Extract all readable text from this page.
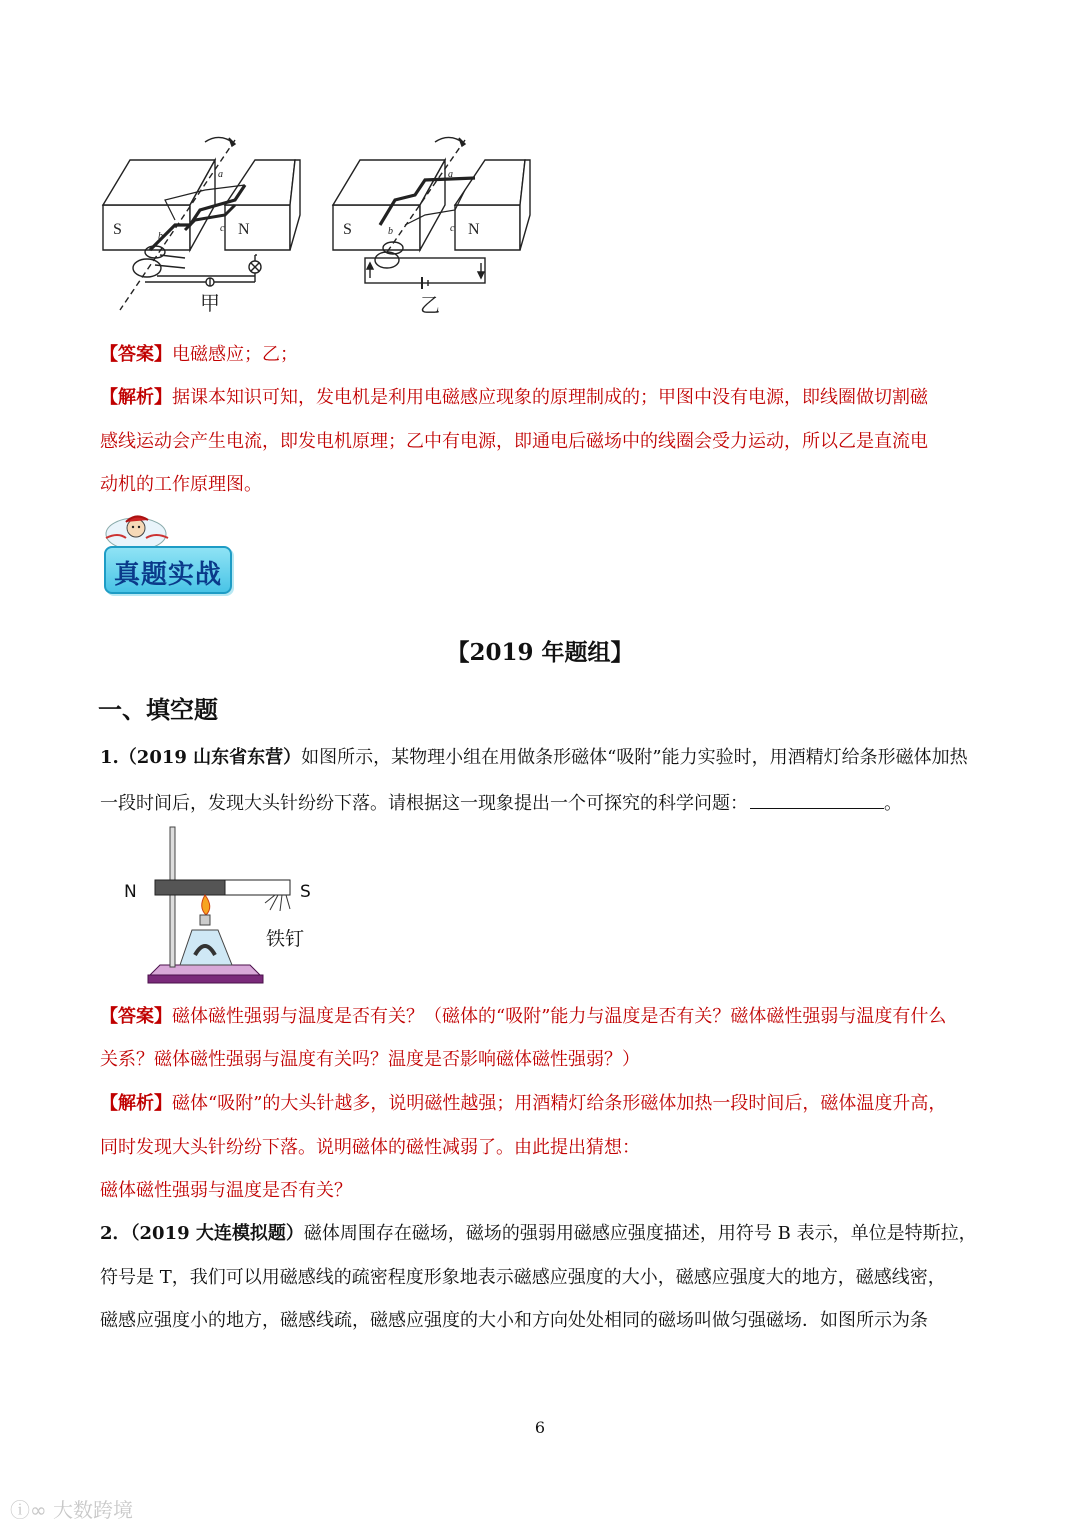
S	N
a
b
c
甲
S	N
a
b	c
乙
【答案】电磁感应；乙；
【解析】据课本知识可知，发电机是利用电磁感应现象的原理制成的；甲图中没有电源，即线圈做切割磁
感线运动会产生电流，即发电机原理；乙中有电源，即通电后磁场中的线圈会受力运动，所以乙是直流电
动机的工作原理图。
真题实战
【2019 年题组】
一、填空题
1.（2019 山东省东营）如图所示，某物理小组在用做条形磁体“吸附”能力实验时，用酒精灯给条形磁体加热
一段时间后，发现大头针纷纷下落。请根据这一现象提出一个可探究的科学问题：	。
N	S
铁钉
【答案】磁体磁性强弱与温度是否有关？（磁体的“吸附”能力与温度是否有关？磁体磁性强弱与温度有什么
关系？磁体磁性强弱与温度有关吗？温度是否影响磁体磁性强弱？）
【解析】磁体“吸附”的大头针越多，说明磁性越强；用酒精灯给条形磁体加热一段时间后，磁体温度升高，
同时发现大头针纷纷下落。说明磁体的磁性减弱了。由此提出猜想：
磁体磁性强弱与温度是否有关？
2．（2019 大连模拟题）磁体周围存在磁场，磁场的强弱用磁感应强度描述，用符号 B 表示，单位是特斯拉，
符号是 T，我们可以用磁感线的疏密程度形象地表示磁感应强度的大小，磁感应强度大的地方，磁感线密，
磁感应强度小的地方，磁感线疏，磁感应强度的大小和方向处处相同的磁场叫做匀强磁场．如图所示为条
6
ⓘ∞ 大数跨境
